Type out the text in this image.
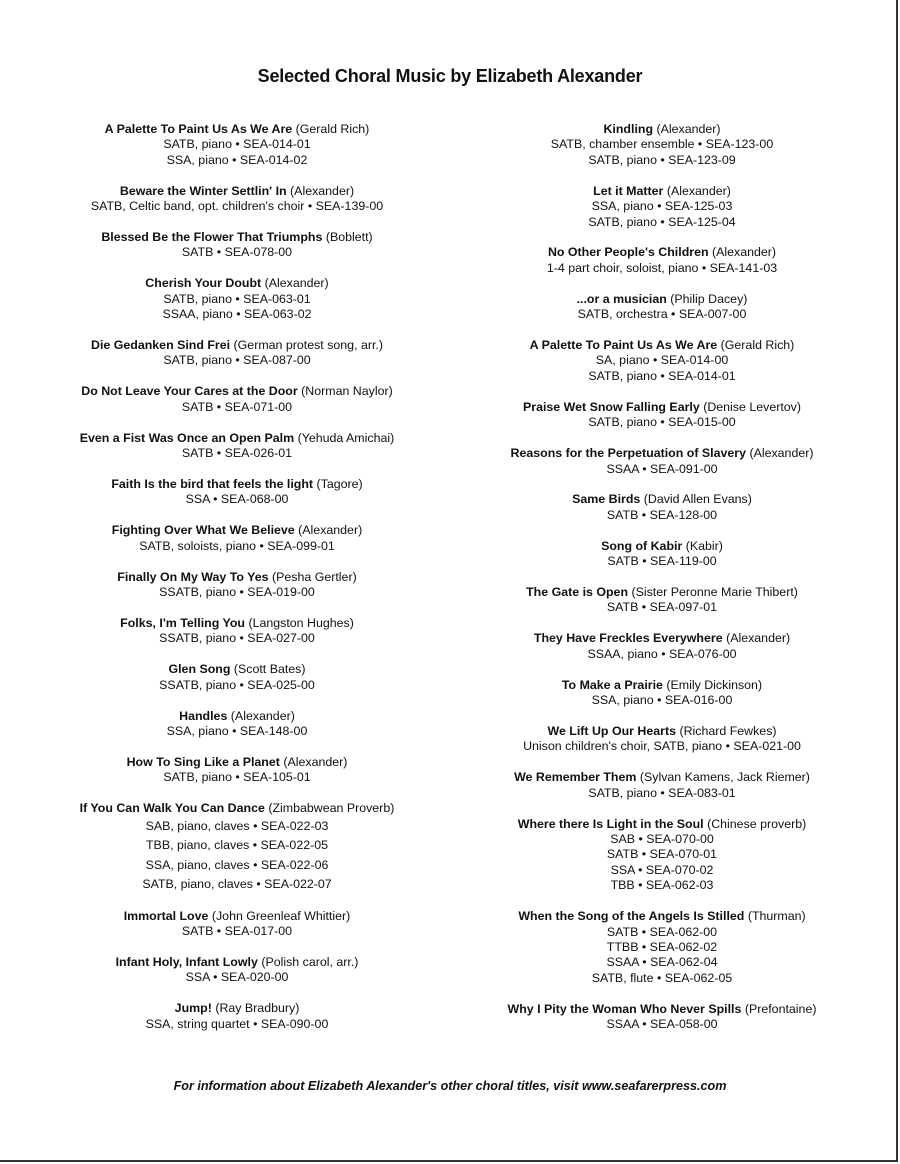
Selected Choral Music by Elizabeth Alexander
A Palette To Paint Us As We Are (Gerald Rich)
SATB, piano • SEA-014-01
SSA, piano • SEA-014-02
Beware the Winter Settlin' In (Alexander)
SATB, Celtic band, opt. children's choir • SEA-139-00
Blessed Be the Flower That Triumphs (Boblett)
SATB • SEA-078-00
Cherish Your Doubt (Alexander)
SATB, piano • SEA-063-01
SSAA, piano • SEA-063-02
Die Gedanken Sind Frei (German protest song, arr.)
SATB, piano • SEA-087-00
Do Not Leave Your Cares at the Door (Norman Naylor)
SATB • SEA-071-00
Even a Fist Was Once an Open Palm (Yehuda Amichai)
SATB • SEA-026-01
Faith Is the bird that feels the light (Tagore)
SSA • SEA-068-00
Fighting Over What We Believe (Alexander)
SATB, soloists, piano • SEA-099-01
Finally On My Way To Yes (Pesha Gertler)
SSATB, piano • SEA-019-00
Folks, I'm Telling You (Langston Hughes)
SSATB, piano • SEA-027-00
Glen Song (Scott Bates)
SSATB, piano • SEA-025-00
Handles (Alexander)
SSA, piano • SEA-148-00
How To Sing Like a Planet (Alexander)
SATB, piano • SEA-105-01
If You Can Walk You Can Dance (Zimbabwean Proverb)
SAB, piano, claves • SEA-022-03
TBB, piano, claves • SEA-022-05
SSA, piano, claves • SEA-022-06
SATB, piano, claves • SEA-022-07
Immortal Love (John Greenleaf Whittier)
SATB • SEA-017-00
Infant Holy, Infant Lowly (Polish carol, arr.)
SSA • SEA-020-00
Jump! (Ray Bradbury)
SSA, string quartet • SEA-090-00
Kindling (Alexander)
SATB, chamber ensemble • SEA-123-00
SATB, piano • SEA-123-09
Let it Matter (Alexander)
SSA, piano • SEA-125-03
SATB, piano • SEA-125-04
No Other People's Children (Alexander)
1-4 part choir, soloist, piano • SEA-141-03
...or a musician (Philip Dacey)
SATB, orchestra • SEA-007-00
A Palette To Paint Us As We Are (Gerald Rich)
SA, piano • SEA-014-00
SATB, piano • SEA-014-01
Praise Wet Snow Falling Early (Denise Levertov)
SATB, piano • SEA-015-00
Reasons for the Perpetuation of Slavery (Alexander)
SSAA • SEA-091-00
Same Birds (David Allen Evans)
SATB • SEA-128-00
Song of Kabir (Kabir)
SATB • SEA-119-00
The Gate is Open (Sister Peronne Marie Thibert)
SATB • SEA-097-01
They Have Freckles Everywhere (Alexander)
SSAA, piano • SEA-076-00
To Make a Prairie (Emily Dickinson)
SSA, piano • SEA-016-00
We Lift Up Our Hearts (Richard Fewkes)
Unison children's choir, SATB, piano • SEA-021-00
We Remember Them (Sylvan Kamens, Jack Riemer)
SATB, piano • SEA-083-01
Where there Is Light in the Soul (Chinese proverb)
SAB • SEA-070-00
SATB • SEA-070-01
SSA • SEA-070-02
TBB • SEA-062-03
When the Song of the Angels Is Stilled (Thurman)
SATB • SEA-062-00
TTBB • SEA-062-02
SSAA • SEA-062-04
SATB, flute • SEA-062-05
Why I Pity the Woman Who Never Spills (Prefontaine)
SSAA • SEA-058-00
For information about Elizabeth Alexander's other choral titles, visit www.seafarerpress.com
